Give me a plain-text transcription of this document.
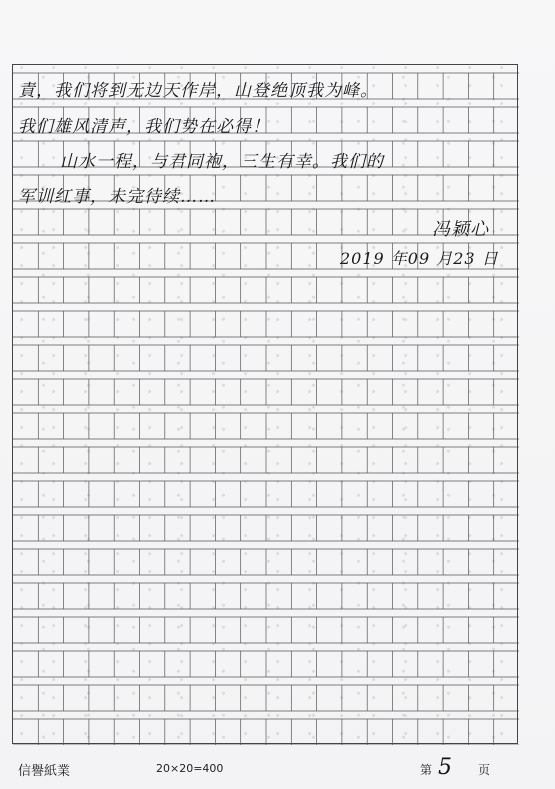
責，我们将到无边天作岸，山登绝顶我为峰。
我们雄风清声，我们势在必得！
山水一程，与君同袍，三生有幸。我们的
军训红事，未完待续……
冯颖心
2019 年09 月23 日
信譽紙業	20×20=400	第 5 页
